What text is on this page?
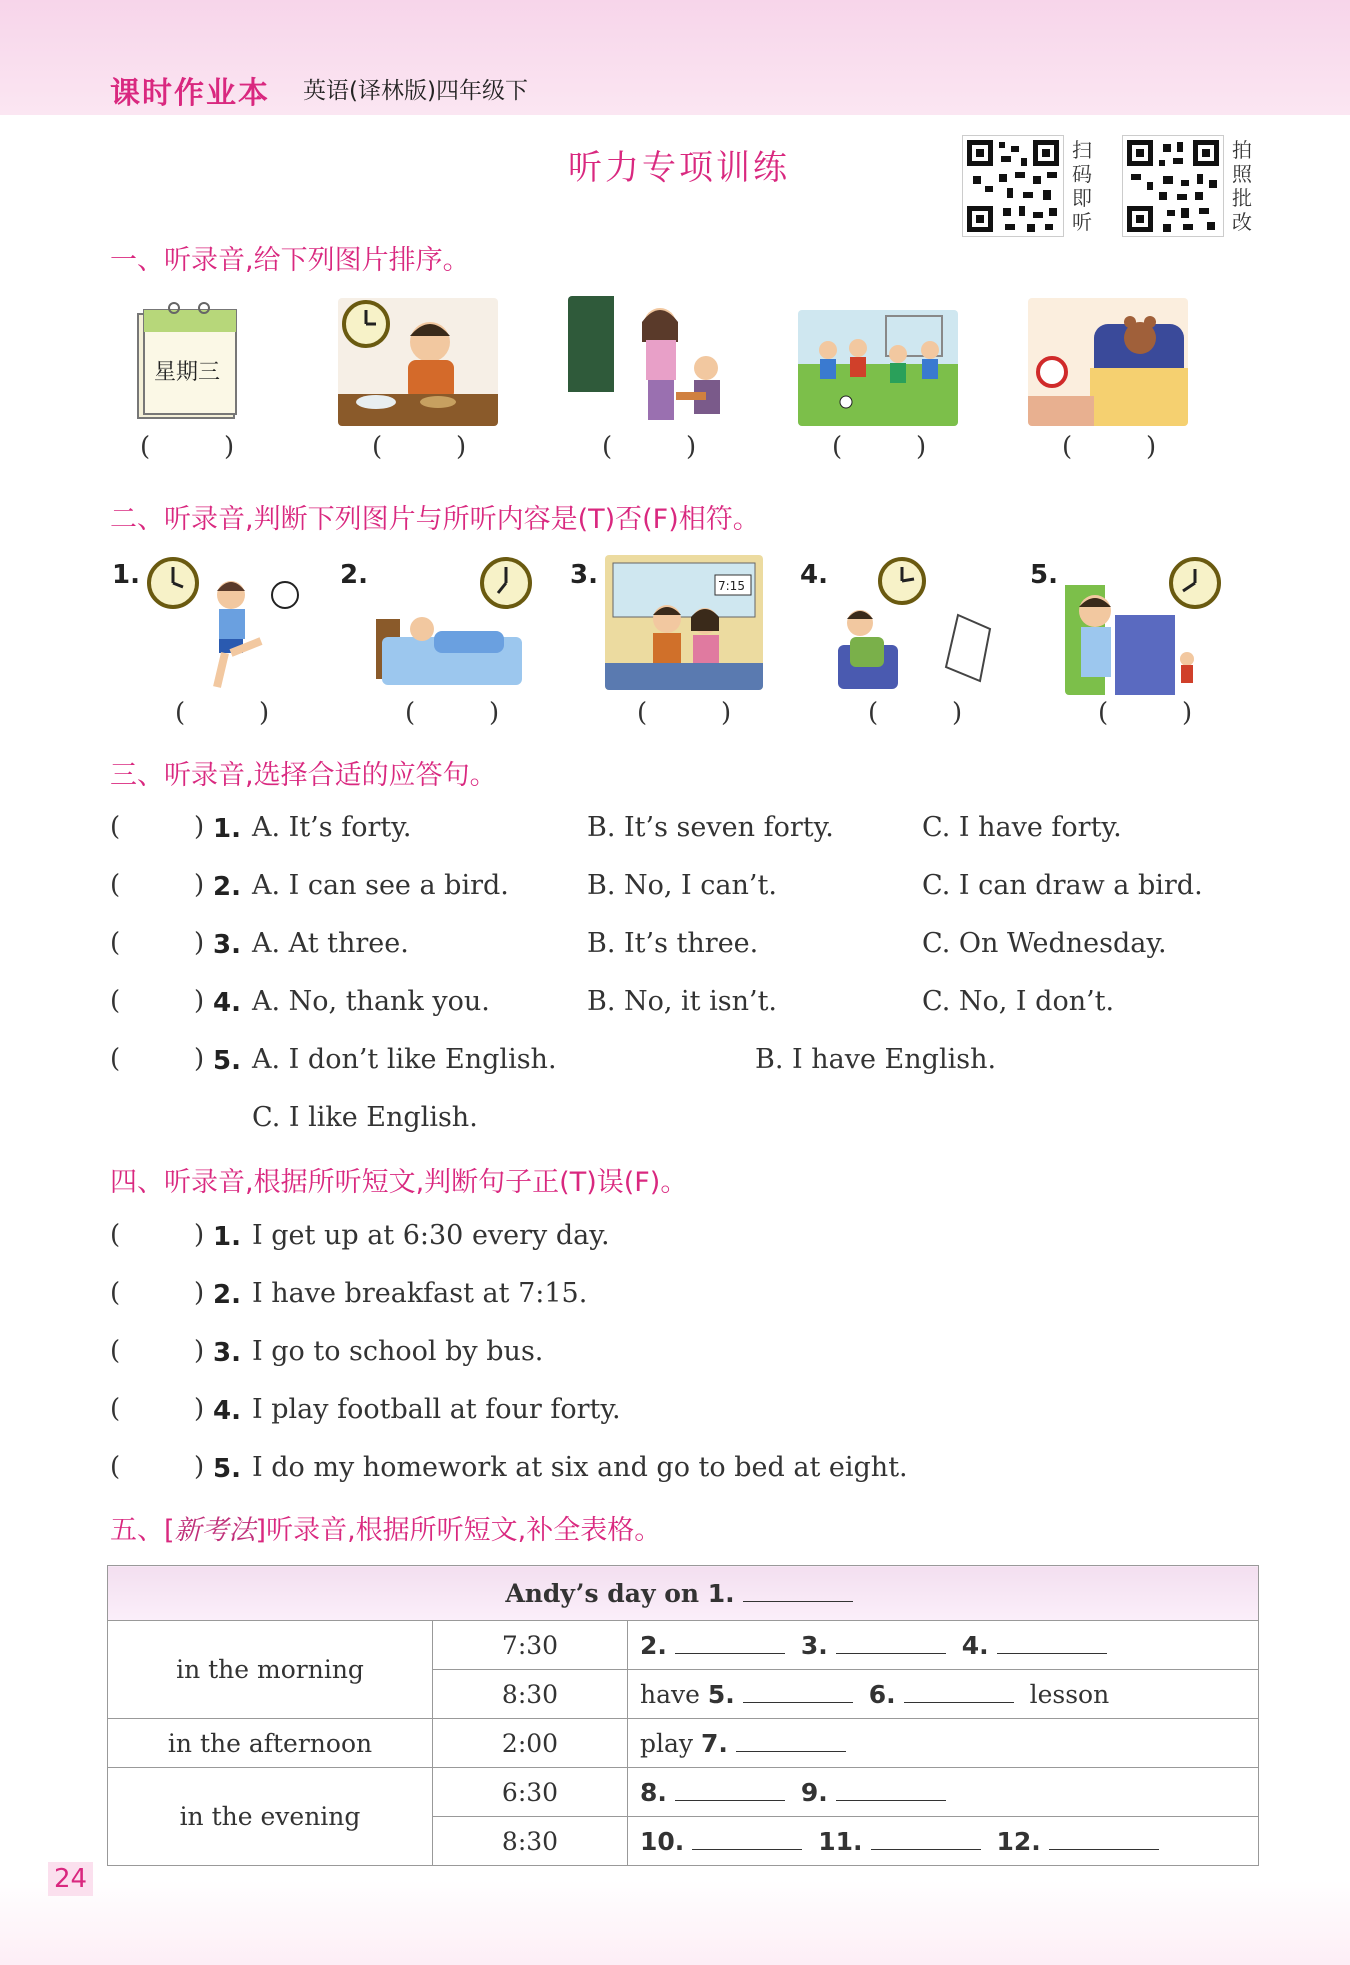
课时作业本 英语(译林版)四年级下
听力专项训练	扫码即听
拍照批改
一、听录音,给下列图片排序。
星期三
( )
( )
( )
( )
( )
二、听录音,判断下列图片与所听内容是(T)否(F)相符。
1.
( )	2.
( )	3.	7:15
( ) 4.
( )	5.
( )
三、听录音,选择合适的应答句。
( )
1. A. It’s forty.	B. It’s seven forty.	C. I have forty.
( )
2. A. I can see a bird.	B. No, I can’t.	C. I can draw a bird.
( )
3. A. At three.	B. It’s three.	C. On Wednesday.
( )
4. A. No, thank you.	B. No, it isn’t.	C. No, I don’t.
( )
5. A. I don’t like English.	B. I have English.
C. I like English.
四、听录音,根据所听短文,判断句子正(T)误(F)。
( )
1. I get up at 6:30 every day.
( )
2. I have breakfast at 7:15.
( )
3. I go to school by bus.
( )
4. I play football at four forty.
( )
5. I do my homework at six and go to bed at eight.
五、[新考法]听录音,根据所听短文,补全表格。
Andy’s day on 1.		
in the morning	7:30	2. 3. 4.
	8:30	have 5. 6. lesson
in the afternoon	2:00	play 7.
in the evening	6:30	8. 9.
	8:30	10. 11. 12.
24
